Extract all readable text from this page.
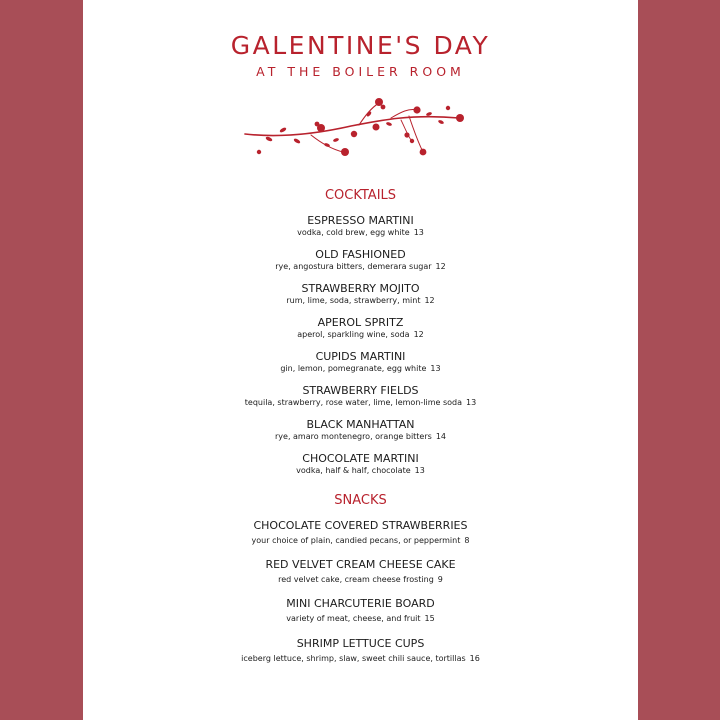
GALENTINE'S DAY
AT THE BOILER ROOM
COCKTAILS
ESPRESSO MARTINI
vodka, cold brew, egg white 13
OLD FASHIONED
rye, angostura bitters, demerara sugar 12
STRAWBERRY MOJITO
rum, lime, soda, strawberry, mint 12
APEROL SPRITZ
aperol, sparkling wine, soda 12
CUPIDS MARTINI
gin, lemon, pomegranate, egg white 13
STRAWBERRY FIELDS
tequila, strawberry, rose water, lime, lemon-lime soda 13
BLACK MANHATTAN
rye, amaro montenegro, orange bitters 14
CHOCOLATE MARTINI
vodka, half & half, chocolate 13
SNACKS
CHOCOLATE COVERED STRAWBERRIES
your choice of plain, candied pecans, or peppermint 8
RED VELVET CREAM CHEESE CAKE
red velvet cake, cream cheese frosting 9
MINI CHARCUTERIE BOARD
variety of meat, cheese, and fruit 15
SHRIMP LETTUCE CUPS
iceberg lettuce, shrimp, slaw, sweet chili sauce, tortillas 16
